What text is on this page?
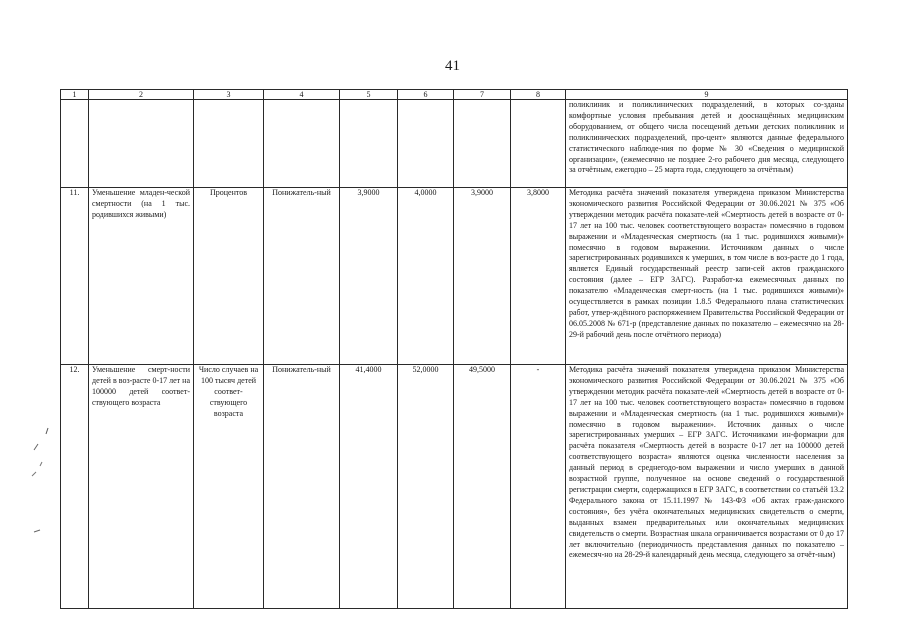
41
1	2	3	4	5	6	7	8	9
								поликлиник и поликлинических подразделений, в которых со-зданы комфортные условия пребывания детей и дооснащённых медицинским оборудованием, от общего числа посещений детьми детских поликлиник и поликлинических подразделений, про-цент» являются данные федерального статистического наблюде-ния по форме № 30 «Сведения о медицинской организации», (ежемесячно не позднее 2-го рабочего дня месяца, следующего за отчётным, ежегодно – 25 марта года, следующего за отчётным)
11.	Уменьшение младен-ческой смертности (на 1 тыс. родившихся живыми)	Процентов	Понижатель-ный	3,9000	4,0000	3,9000	3,8000	Методика расчёта значений показателя утверждена приказом Министерства экономического развития Российской Федерации от 30.06.2021 № 375 «Об утверждении методик расчёта показате-лей «Смертность детей в возрасте от 0-17 лет на 100 тыс. человек соответствующего возраста» помесячно в годовом выражении и «Младенческая смертность (на 1 тыс. родившихся живыми)» помесячно в годовом выражении. Источником данных о числе зарегистрированных родившихся к умерших, в том числе в воз-расте до 1 года, является Единый государственный реестр запи-сей актов гражданского состояния (далее – ЕГР ЗАГС). Разработ-ка ежемесячных данных по показателю «Младенческая смерт-ность (на 1 тыс. родившихся живыми)» осуществляется в рамках позиции 1.8.5 Федерального плана статистических работ, утвер-ждённого распоряжением Правительства Российской Федерации от 06.05.2008 № 671-р (представление данных по показателю – ежемесячно на 28-29-й рабочий день после отчётного периода)
12.	Уменьшение смерт-ности детей в воз-расте 0-17 лет на 100000 детей соответ-ствующего возраста	Число случаев на 100 тысяч детей соответ-ствующего возраста	Понижатель-ный	41,4000	52,0000	49,5000	-	Методика расчёта значений показателя утверждена приказом Министерства экономического развития Российской Федерации от 30.06.2021 № 375 «Об утверждении методик расчёта показате-лей «Смертность детей в возрасте от 0-17 лет на 100 тыс. человек соответствующего возраста» помесячно в годовом выражении и «Младенческая смертность (на 1 тыс. родившихся живыми)» помесячно в годовом выражении». Источник данных о числе зарегистрированных умерших – ЕГР ЗАГС. Источниками ин-формации для расчёта показателя «Смертность детей в возрасте 0-17 лет на 100000 детей соответствующего возраста» являются оценка численности населения за данный период в среднегодо-вом выражении и число умерших в данной возрастной группе, полученное на основе сведений о государственной регистрации смерти, содержащихся в ЕГР ЗАГС, в соответствии со статьёй 13.2 Федерального закона от 15.11.1997 № 143-ФЗ «Об актах граж-данского состояния», без учёта окончательных медицинских свидетельств о смерти, выданных взамен предварительных или окончательных медицинских свидетельств о смерти. Возрастная шкала ограничивается возрастами от 0 до 17 лет включительно (периодичность представления данных по показателю – ежемесяч-но на 28-29-й календарный день месяца, следующего за отчёт-ным)
